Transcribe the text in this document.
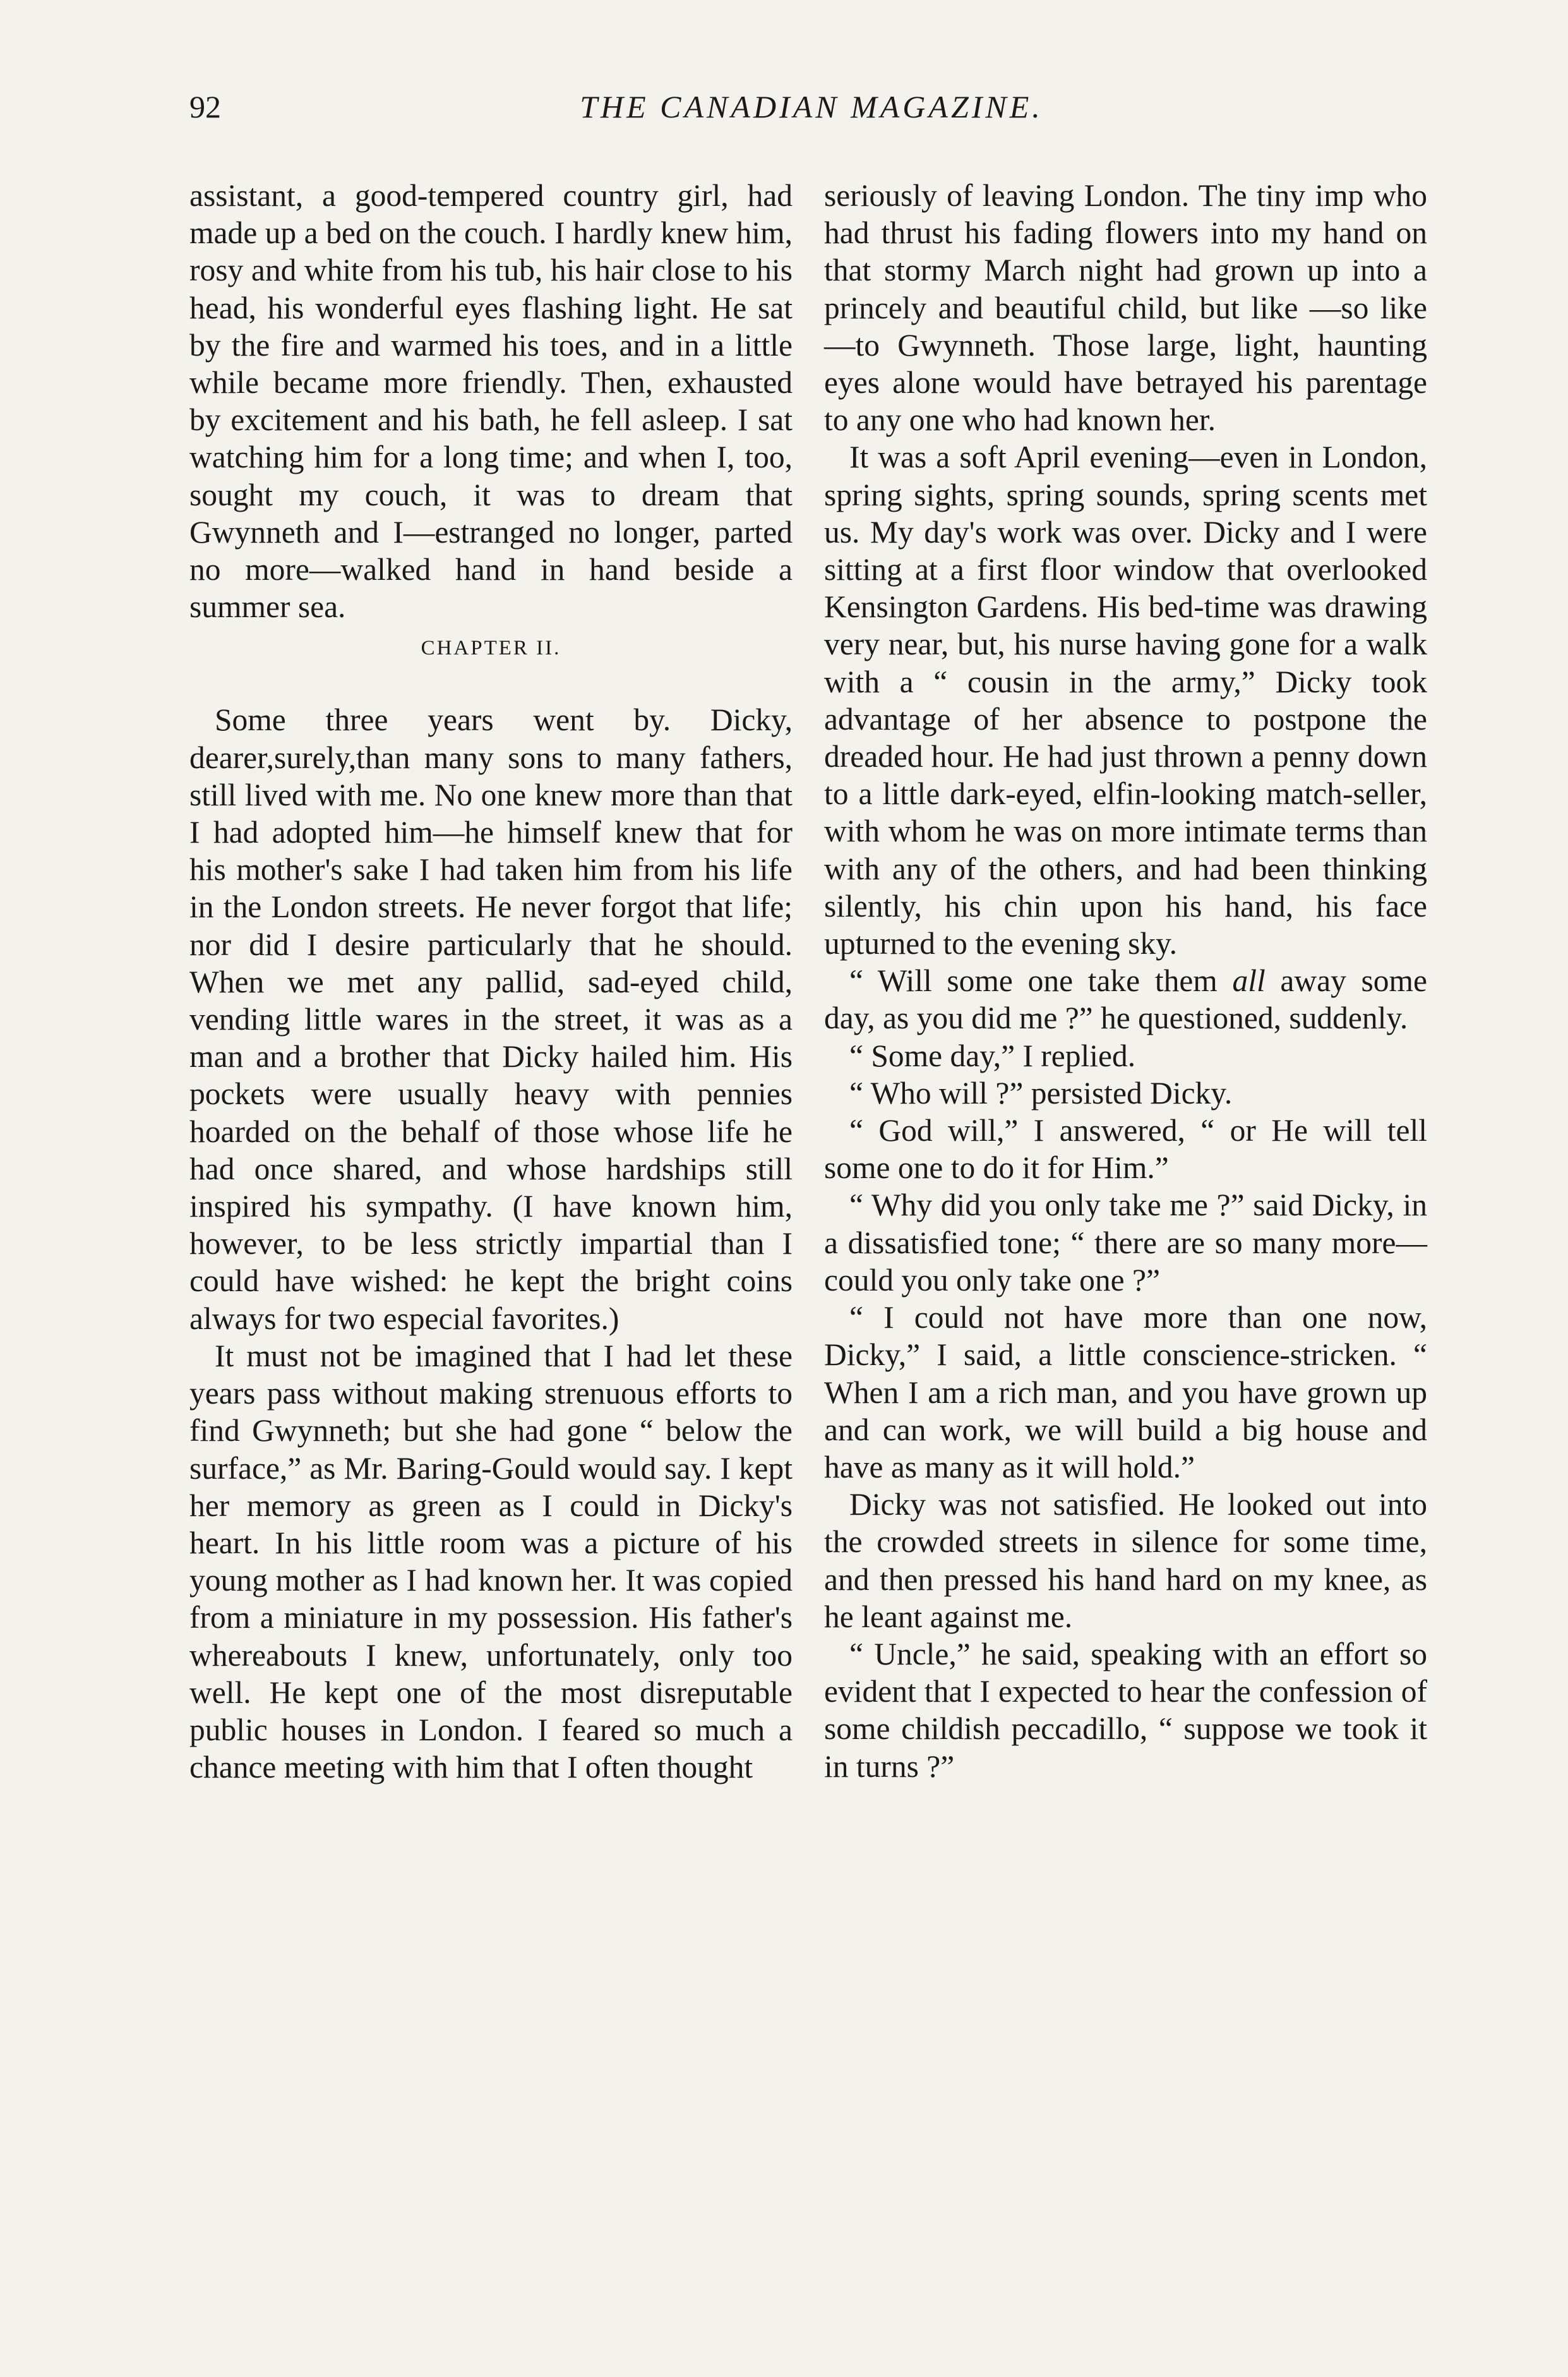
92	THE CANADIAN MAGAZINE.

assistant, a good-tempered country girl, had made up a bed on the couch. I hardly knew him, rosy and white from his tub, his hair close to his head, his wonderful eyes flashing light. He sat by the fire and warmed his toes, and in a little while became more friendly. Then, exhausted by excitement and his bath, he fell asleep. I sat watching him for a long time; and when I, too, sought my couch, it was to dream that Gwynneth and I—estranged no longer, parted no more—walked hand in hand beside a summer sea.

CHAPTER II.

Some three years went by. Dicky, dearer,surely,than many sons to many fathers, still lived with me. No one knew more than that I had adopted him—he himself knew that for his mother's sake I had taken him from his life in the London streets. He never forgot that life; nor did I desire particularly that he should. When we met any pallid, sad-eyed child, vending little wares in the street, it was as a man and a brother that Dicky hailed him. His pockets were usually heavy with pennies hoarded on the behalf of those whose life he had once shared, and whose hardships still inspired his sympathy. (I have known him, however, to be less strictly impartial than I could have wished: he kept the bright coins always for two especial favorites.)

It must not be imagined that I had let these years pass without making strenuous efforts to find Gwynneth; but she had gone “ below the surface,” as Mr. Baring-Gould would say. I kept her memory as green as I could in Dicky's heart. In his little room was a picture of his young mother as I had known her. It was copied from a miniature in my possession. His father's whereabouts I knew, unfortunately, only too well. He kept one of the most disreputable public houses in London. I feared so much a chance meeting with him that I often thought

seriously of leaving London. The tiny imp who had thrust his fading flowers into my hand on that stormy March night had grown up into a princely and beautiful child, but like —so like—to Gwynneth. Those large, light, haunting eyes alone would have betrayed his parentage to any one who had known her.

It was a soft April evening—even in London, spring sights, spring sounds, spring scents met us. My day's work was over. Dicky and I were sitting at a first floor window that overlooked Kensington Gardens. His bed-time was drawing very near, but, his nurse having gone for a walk with a “ cousin in the army,” Dicky took advantage of her absence to postpone the dreaded hour. He had just thrown a penny down to a little dark-eyed, elfin-looking match-seller, with whom he was on more intimate terms than with any of the others, and had been thinking silently, his chin upon his hand, his face upturned to the evening sky.

“ Will some one take them all away some day, as you did me ?” he questioned, suddenly.

“ Some day,” I replied.

“ Who will ?” persisted Dicky.

“ God will,” I answered, “ or He will tell some one to do it for Him.”

“ Why did you only take me ?” said Dicky, in a dissatisfied tone; “ there are so many more—could you only take one ?”

“ I could not have more than one now, Dicky,” I said, a little conscience-stricken. “ When I am a rich man, and you have grown up and can work, we will build a big house and have as many as it will hold.”

Dicky was not satisfied. He looked out into the crowded streets in silence for some time, and then pressed his hand hard on my knee, as he leant against me.

“ Uncle,” he said, speaking with an effort so evident that I expected to hear the confession of some childish peccadillo, “ suppose we took it in turns ?”
